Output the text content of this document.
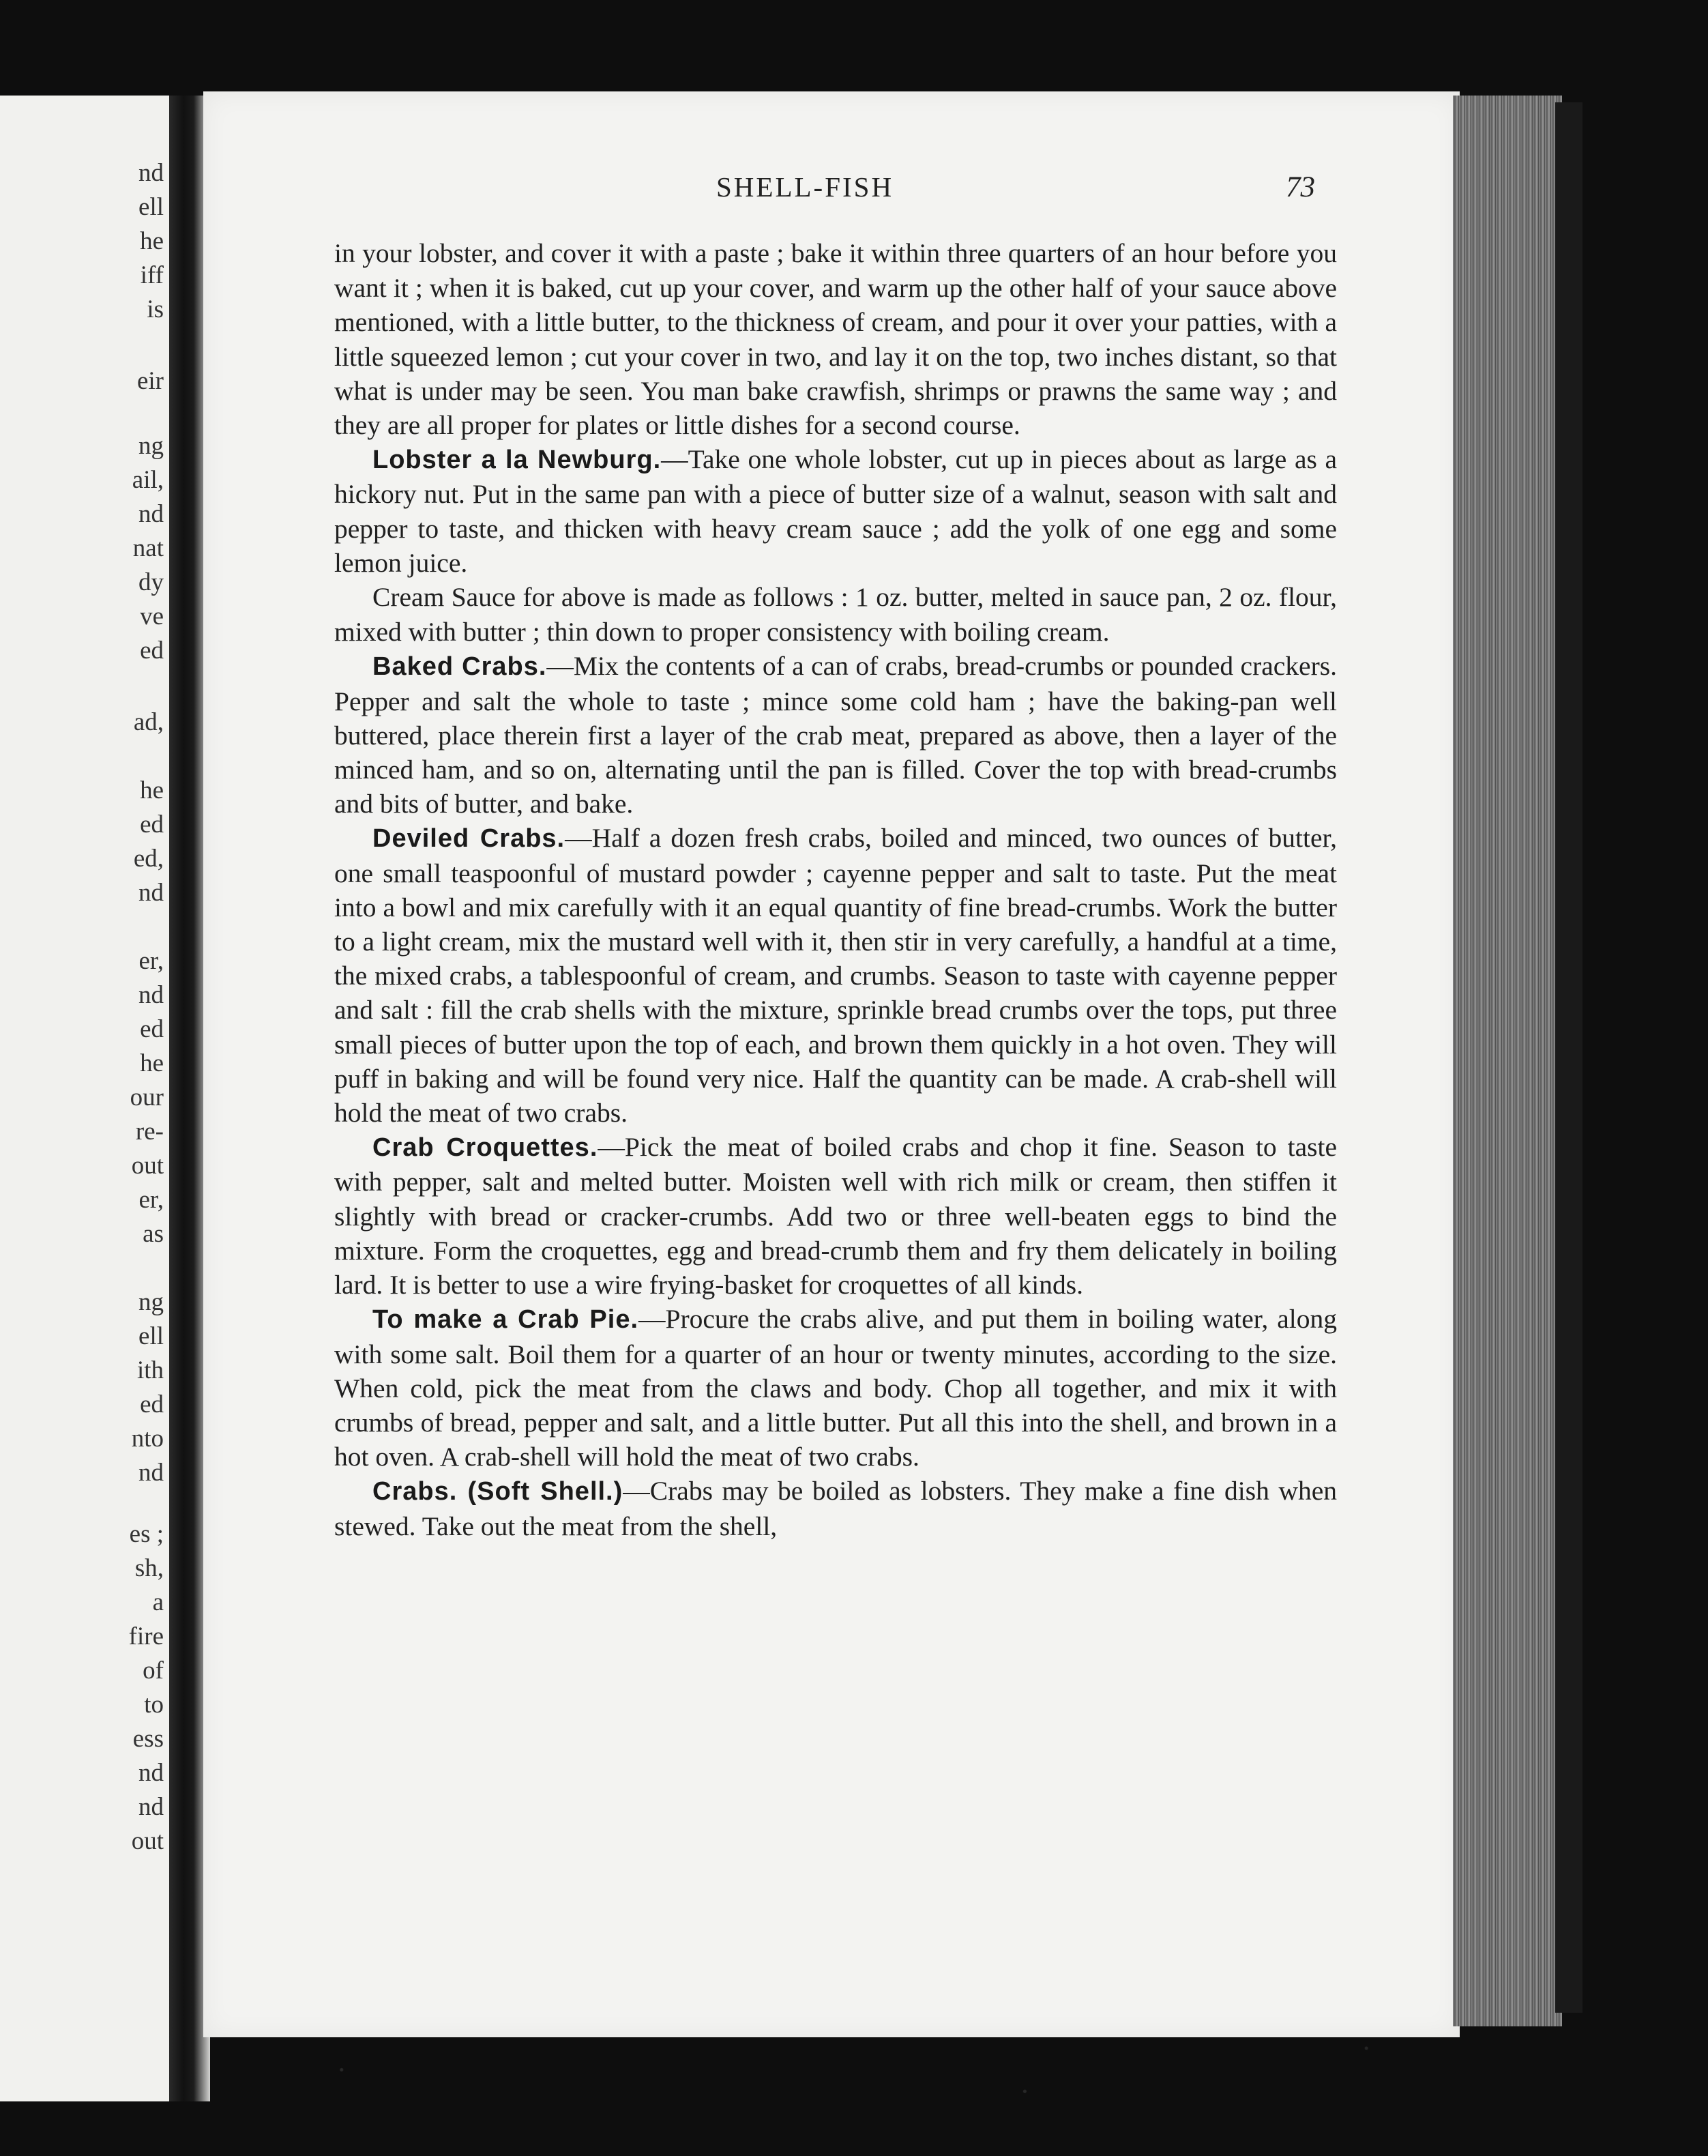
nd
ell
he
iff
is
eir
ng
ail,
nd
nat
dy
ve
ed
ad,
he
ed
ed,
nd
er,
nd
ed
he
our
re-
out
er,
as
ng
ell
ith
ed
nto
nd
es ;
sh,
a
fire
of
to
ess
nd
nd
out
SHELL-FISH	73

in your lobster, and cover it with a paste ; bake it within three quarters of an hour before you want it ; when it is baked, cut up your cover, and warm up the other half of your sauce above mentioned, with a little butter, to the thickness of cream, and pour it over your patties, with a little squeezed lemon ; cut your cover in two, and lay it on the top, two inches distant, so that what is under may be seen. You man bake crawfish, shrimps or prawns the same way ; and they are all proper for plates or little dishes for a second course.

Lobster a la Newburg.—Take one whole lobster, cut up in pieces about as large as a hickory nut. Put in the same pan with a piece of butter size of a walnut, season with salt and pepper to taste, and thicken with heavy cream sauce ; add the yolk of one egg and some lemon juice.

Cream Sauce for above is made as follows : 1 oz. butter, melted in sauce pan, 2 oz. flour, mixed with butter ; thin down to proper consistency with boiling cream.

Baked Crabs.—Mix the contents of a can of crabs, bread-crumbs or pounded crackers. Pepper and salt the whole to taste ; mince some cold ham ; have the baking-pan well buttered, place therein first a layer of the crab meat, prepared as above, then a layer of the minced ham, and so on, alternating until the pan is filled. Cover the top with bread-crumbs and bits of butter, and bake.

Deviled Crabs.—Half a dozen fresh crabs, boiled and minced, two ounces of butter, one small teaspoonful of mustard powder ; cayenne pepper and salt to taste. Put the meat into a bowl and mix carefully with it an equal quantity of fine bread-crumbs. Work the butter to a light cream, mix the mustard well with it, then stir in very carefully, a handful at a time, the mixed crabs, a tablespoonful of cream, and crumbs. Season to taste with cayenne pepper and salt : fill the crab shells with the mixture, sprinkle bread crumbs over the tops, put three small pieces of butter upon the top of each, and brown them quickly in a hot oven. They will puff in baking and will be found very nice. Half the quantity can be made. A crab-shell will hold the meat of two crabs.

Crab Croquettes.—Pick the meat of boiled crabs and chop it fine. Season to taste with pepper, salt and melted butter. Moisten well with rich milk or cream, then stiffen it slightly with bread or cracker-crumbs. Add two or three well-beaten eggs to bind the mixture. Form the croquettes, egg and bread-crumb them and fry them delicately in boiling lard. It is better to use a wire frying-basket for croquettes of all kinds.

To make a Crab Pie.—Procure the crabs alive, and put them in boiling water, along with some salt. Boil them for a quarter of an hour or twenty minutes, according to the size. When cold, pick the meat from the claws and body. Chop all together, and mix it with crumbs of bread, pepper and salt, and a little butter. Put all this into the shell, and brown in a hot oven. A crab-shell will hold the meat of two crabs.

Crabs. (Soft Shell.)—Crabs may be boiled as lobsters. They make a fine dish when stewed. Take out the meat from the shell,
